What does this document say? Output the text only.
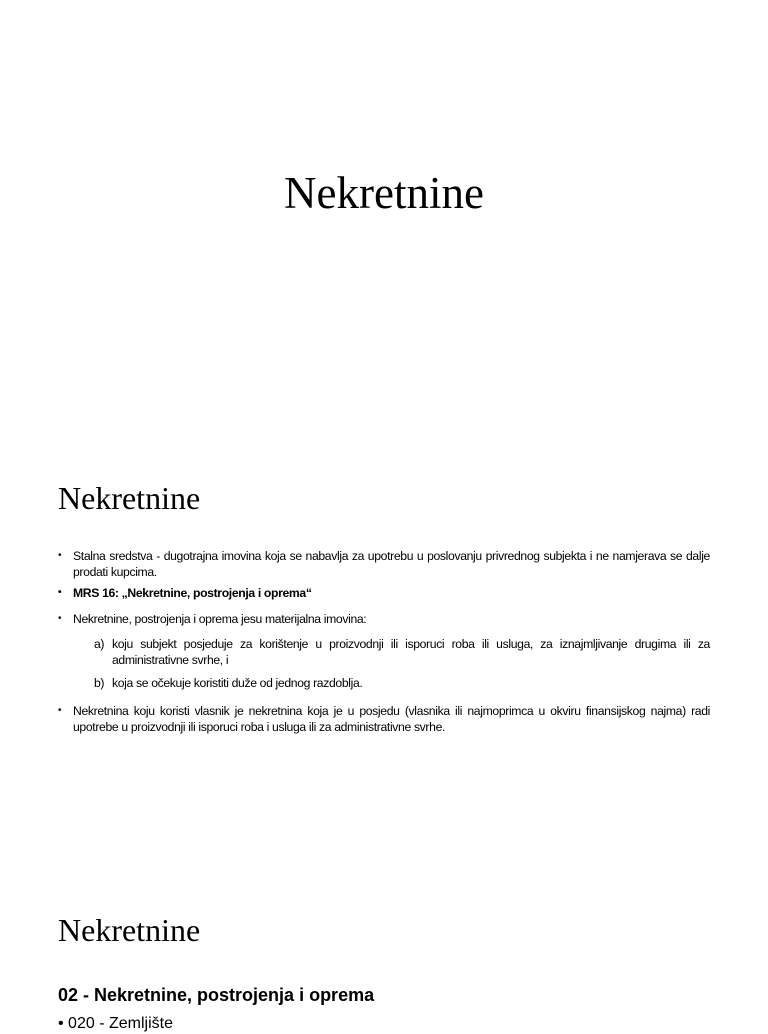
Nekretnine
Nekretnine
• Stalna sredstva - dugotrajna imovina koja se nabavlja za upotrebu u poslovanju privrednog subjekta i ne namjerava se dalje prodati kupcima.
• MRS 16: „Nekretnine, postrojenja i oprema“
• Nekretnine, postrojenja i oprema jesu materijalna imovina:
a) koju subjekt posjeduje za korištenje u proizvodnji ili isporuci roba ili usluga, za iznajmljivanje drugima ili za administrativne svrhe, i
b) koja se očekuje koristiti duže od jednog razdoblja.
• Nekretnina koju koristi vlasnik je nekretnina koja je u posjedu (vlasnika ili najmoprimca u okviru finansijskog najma) radi upotrebe u proizvodnji ili isporuci roba i usluga ili za administrativne svrhe.
Nekretnine
02 - Nekretnine, postrojenja i oprema
• 020 - Zemljište
